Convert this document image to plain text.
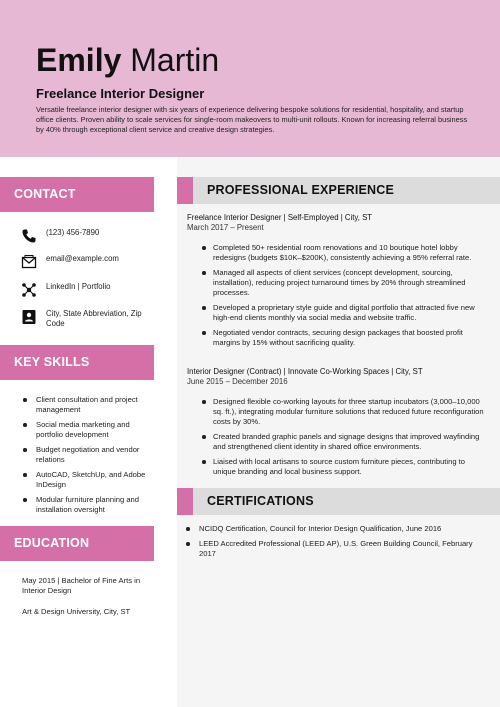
Emily Martin
Freelance Interior Designer
Versatile freelance interior designer with six years of experience delivering bespoke solutions for residential, hospitality, and startup office clients. Proven ability to scale services for single-room makeovers to multi-unit rollouts. Known for increasing referral business by 40% through exceptional client service and creative design strategies.
CONTACT
(123) 456-7890
email@example.com
LinkedIn | Portfolio
City, State Abbreviation, Zip Code
KEY SKILLS
Client consultation and project management
Social media marketing and portfolio development
Budget negotiation and vendor relations
AutoCAD, SketchUp, and Adobe InDesign
Modular furniture planning and installation oversight
EDUCATION
May 2015 | Bachelor of Fine Arts in Interior Design
Art & Design University, City, ST
PROFESSIONAL EXPERIENCE
Freelance Interior Designer | Self-Employed | City, ST
March 2017 – Present
Completed 50+ residential room renovations and 10 boutique hotel lobby redesigns (budgets $10K–$200K), consistently achieving a 95% referral rate.
Managed all aspects of client services (concept development, sourcing, installation), reducing project turnaround times by 20% through streamlined processes.
Developed a proprietary style guide and digital portfolio that attracted five new high-end clients monthly via social media and website traffic.
Negotiated vendor contracts, securing design packages that boosted profit margins by 15% without sacrificing quality.
Interior Designer (Contract) | Innovate Co-Working Spaces | City, ST
June 2015 – December 2016
Designed flexible co-working layouts for three startup incubators (3,000–10,000 sq. ft.), integrating modular furniture solutions that reduced future reconfiguration costs by 30%.
Created branded graphic panels and signage designs that improved wayfinding and strengthened client identity in shared office environments.
Liaised with local artisans to source custom furniture pieces, contributing to unique branding and local business support.
CERTIFICATIONS
NCIDQ Certification, Council for Interior Design Qualification, June 2016
LEED Accredited Professional (LEED AP), U.S. Green Building Council, February 2017
